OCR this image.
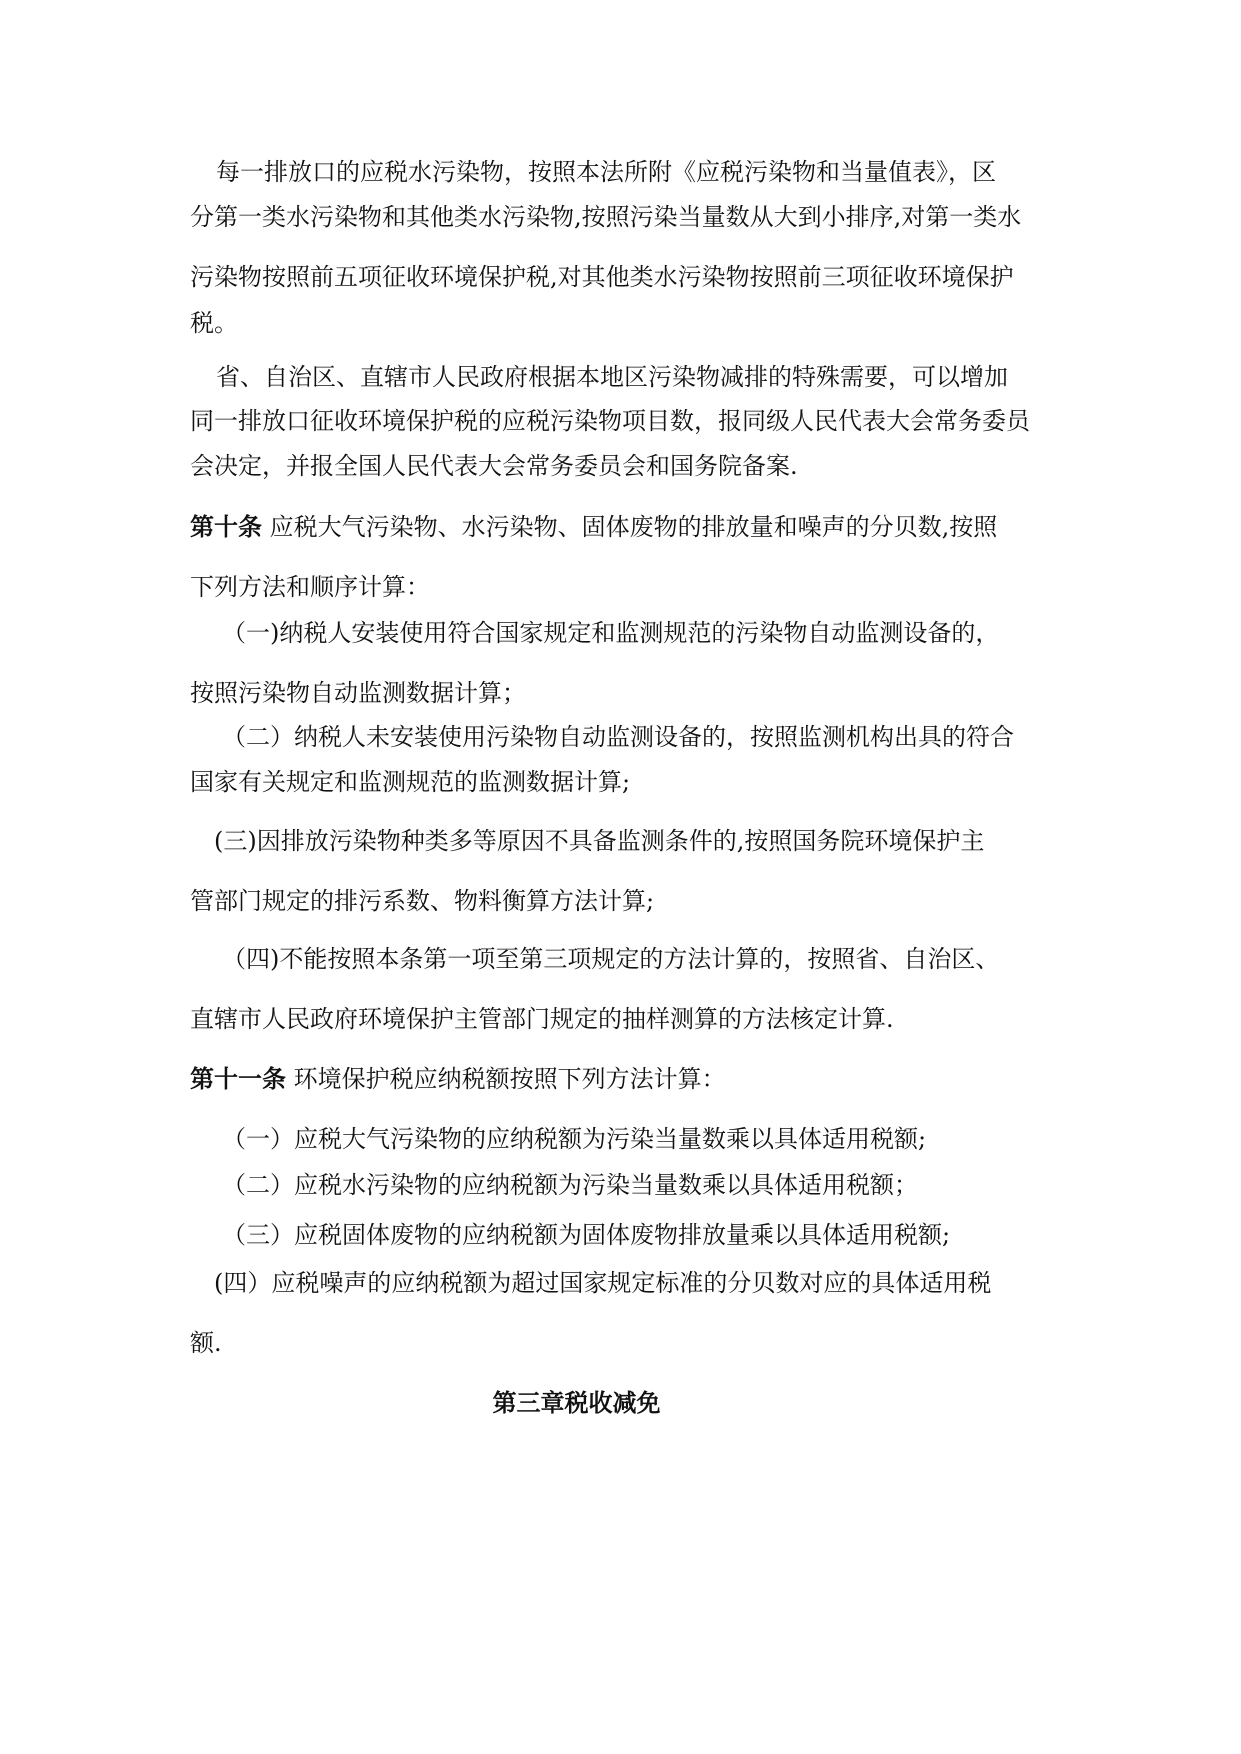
每一排放口的应税水污染物，按照本法所附《应税污染物和当量值表》，区

分第一类水污染物和其他类水污染物,按照污染当量数从大到小排序,对第一类水

污染物按照前五项征收环境保护税,对其他类水污染物按照前三项征收环境保护

税。

省、自治区、直辖市人民政府根据本地区污染物减排的特殊需要，可以增加

同一排放口征收环境保护税的应税污染物项目数，报同级人民代表大会常务委员

会决定，并报全国人民代表大会常务委员会和国务院备案.

第十条 应税大气污染物、水污染物、固体废物的排放量和噪声的分贝数,按照

下列方法和顺序计算：

（一)纳税人安装使用符合国家规定和监测规范的污染物自动监测设备的，

按照污染物自动监测数据计算；

（二）纳税人未安装使用污染物自动监测设备的，按照监测机构出具的符合

国家有关规定和监测规范的监测数据计算;

(三)因排放污染物种类多等原因不具备监测条件的,按照国务院环境保护主

管部门规定的排污系数、物料衡算方法计算;

（四)不能按照本条第一项至第三项规定的方法计算的，按照省、自治区、

直辖市人民政府环境保护主管部门规定的抽样测算的方法核定计算.

第十一条 环境保护税应纳税额按照下列方法计算：

（一）应税大气污染物的应纳税额为污染当量数乘以具体适用税额;

（二）应税水污染物的应纳税额为污染当量数乘以具体适用税额；

（三）应税固体废物的应纳税额为固体废物排放量乘以具体适用税额;

(四）应税噪声的应纳税额为超过国家规定标准的分贝数对应的具体适用税

额.

第三章税收减免
